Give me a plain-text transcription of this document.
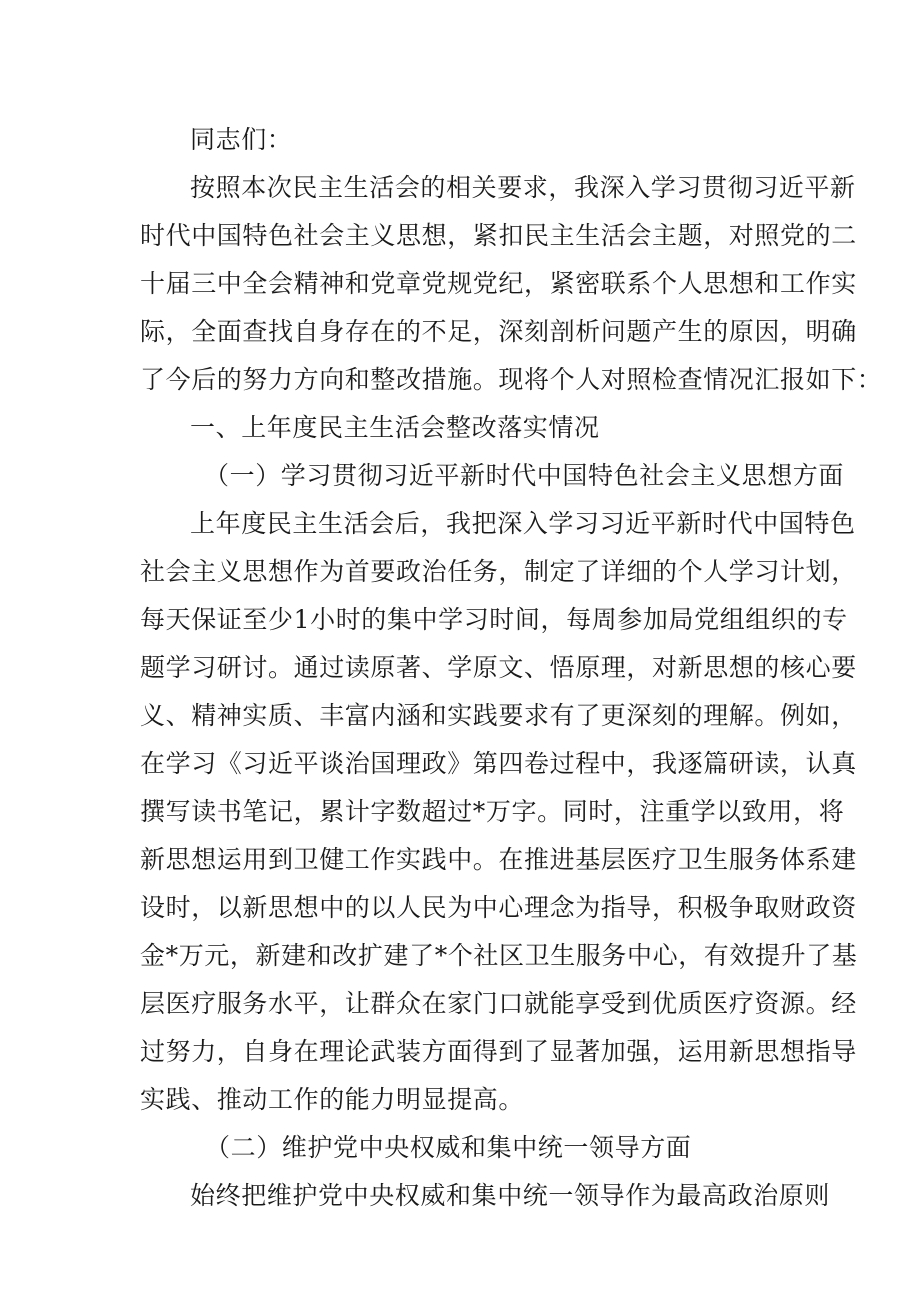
同志们：
按照本次民主生活会的相关要求，我深入学习贯彻习近平新
时代中国特色社会主义思想，紧扣民主生活会主题，对照党的二
十届三中全会精神和党章党规党纪，紧密联系个人思想和工作实
际，全面查找自身存在的不足，深刻剖析问题产生的原因，明确
了今后的努力方向和整改措施。现将个人对照检查情况汇报如下：
一、上年度民主生活会整改落实情况
（一）学习贯彻习近平新时代中国特色社会主义思想方面
上年度民主生活会后，我把深入学习习近平新时代中国特色
社会主义思想作为首要政治任务，制定了详细的个人学习计划，
每天保证至少1小时的集中学习时间，每周参加局党组组织的专
题学习研讨。通过读原著、学原文、悟原理，对新思想的核心要
义、精神实质、丰富内涵和实践要求有了更深刻的理解。例如，
在学习《习近平谈治国理政》第四卷过程中，我逐篇研读，认真
撰写读书笔记，累计字数超过*万字。同时，注重学以致用，将
新思想运用到卫健工作实践中。在推进基层医疗卫生服务体系建
设时，以新思想中的以人民为中心理念为指导，积极争取财政资
金*万元，新建和改扩建了*个社区卫生服务中心，有效提升了基
层医疗服务水平，让群众在家门口就能享受到优质医疗资源。经
过努力，自身在理论武装方面得到了显著加强，运用新思想指导
实践、推动工作的能力明显提高。
（二）维护党中央权威和集中统一领导方面
始终把维护党中央权威和集中统一领导作为最高政治原则
